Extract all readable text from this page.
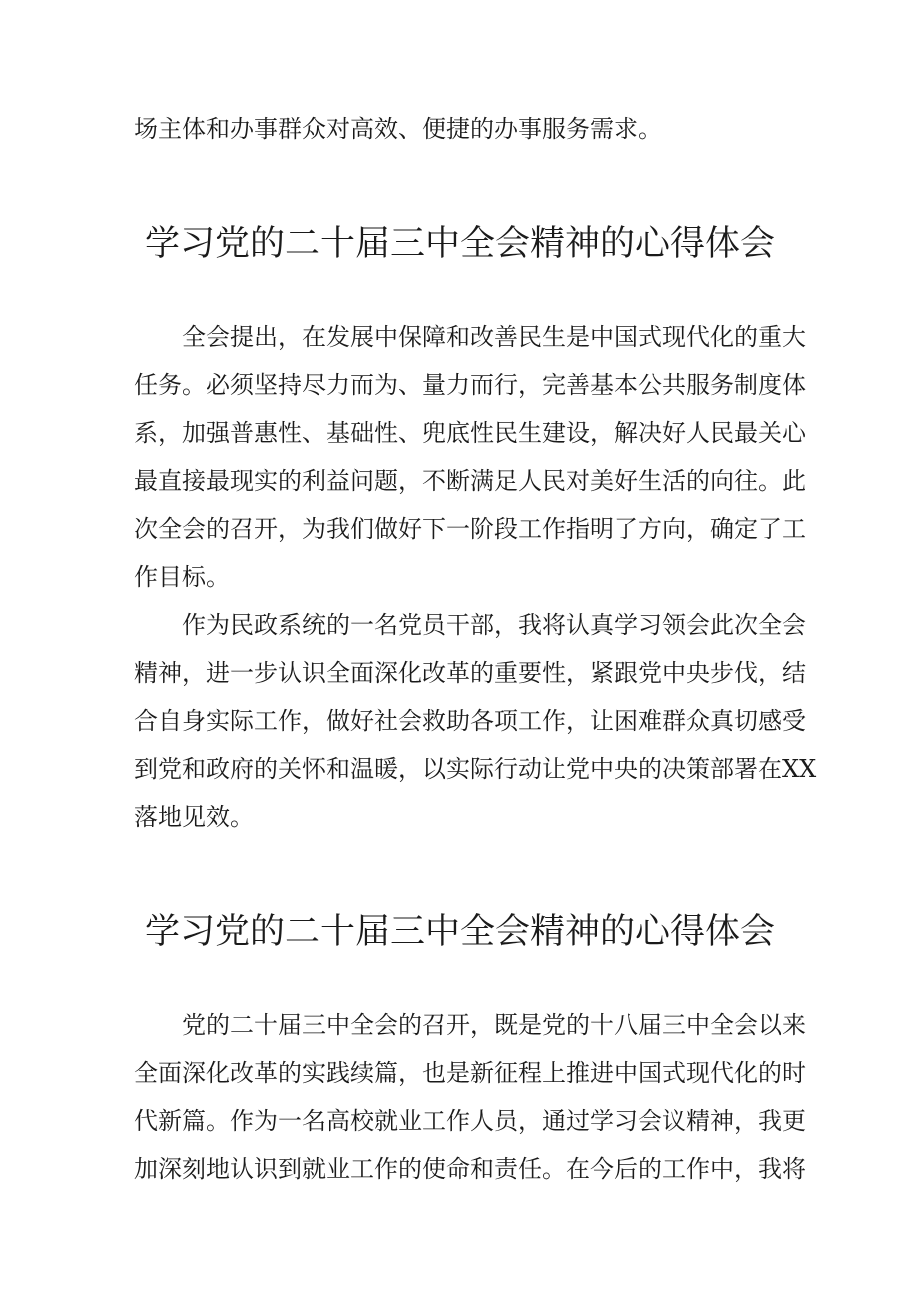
场主体和办事群众对高效、便捷的办事服务需求。

学习党的二十届三中全会精神的心得体会

全会提出，在发展中保障和改善民生是中国式现代化的重大

任务。必须坚持尽力而为、量力而行，完善基本公共服务制度体

系，加强普惠性、基础性、兜底性民生建设，解决好人民最关心

最直接最现实的利益问题，不断满足人民对美好生活的向往。此

次全会的召开，为我们做好下一阶段工作指明了方向，确定了工

作目标。

作为民政系统的一名党员干部，我将认真学习领会此次全会

精神，进一步认识全面深化改革的重要性，紧跟党中央步伐，结

合自身实际工作，做好社会救助各项工作，让困难群众真切感受

到党和政府的关怀和温暖，以实际行动让党中央的决策部署在XX

落地见效。

学习党的二十届三中全会精神的心得体会

党的二十届三中全会的召开，既是党的十八届三中全会以来

全面深化改革的实践续篇，也是新征程上推进中国式现代化的时

代新篇。作为一名高校就业工作人员，通过学习会议精神，我更

加深刻地认识到就业工作的使命和责任。在今后的工作中，我将
